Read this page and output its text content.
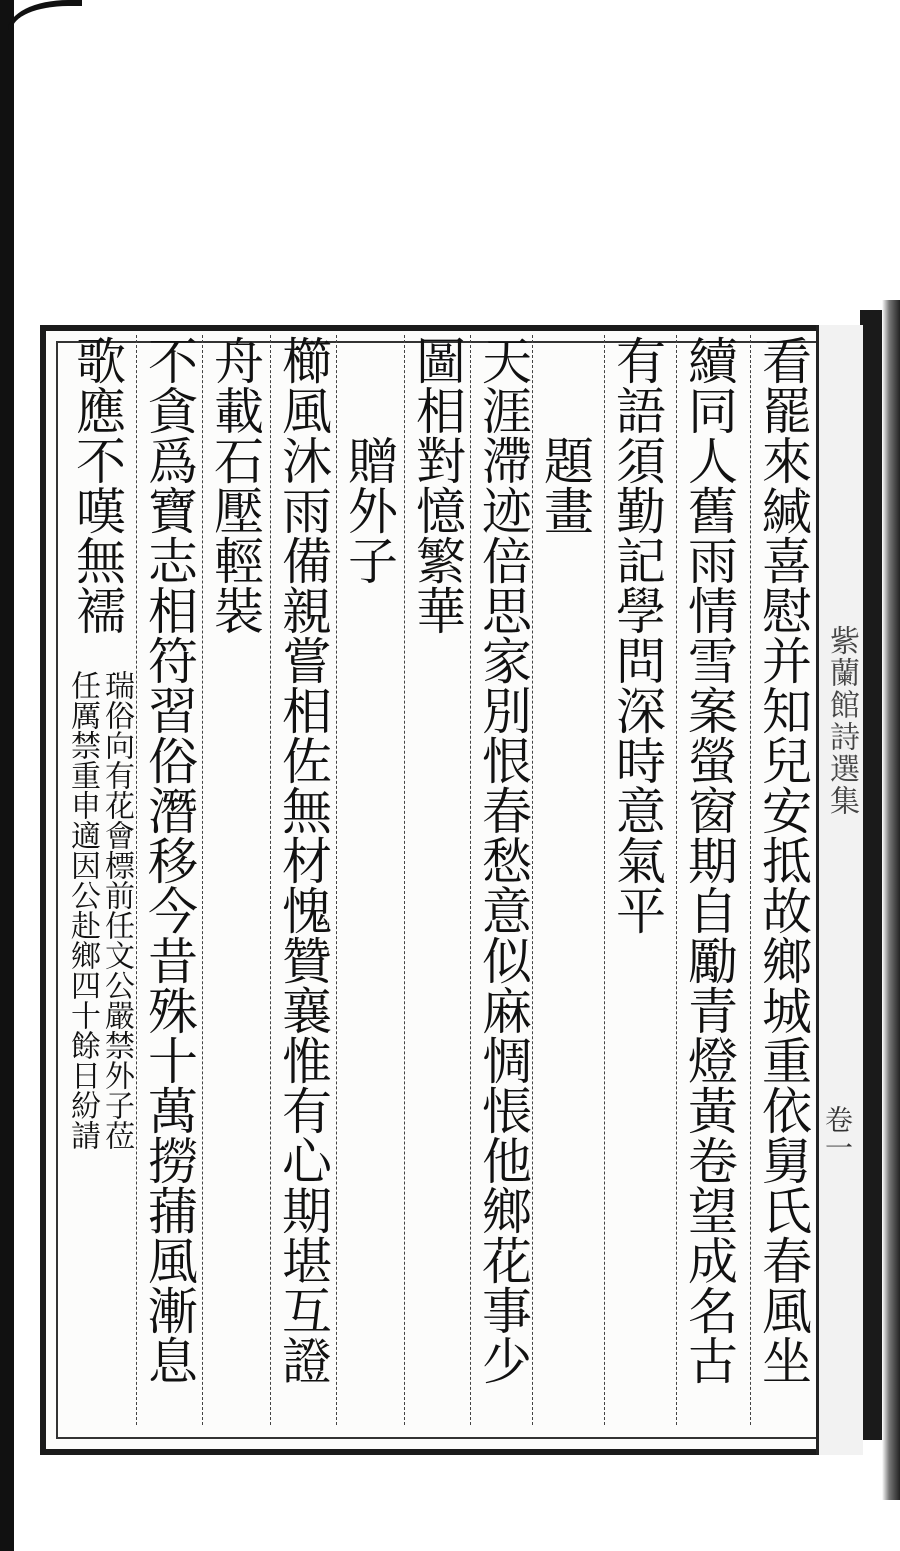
紫蘭館詩選集
卷一
看罷來緘喜慰并知兒安抵故鄉城重依舅氏春風坐
續同人舊雨情雪案螢窗期自勵青燈黃卷望成名古
有語須勤記學問深時意氣平
題畫
天涯滯迹倍思家別恨春愁意似麻惆悵他鄉花事少
圖相對憶繁華
贈外子
櫛風沐雨備親嘗相佐無材愧贊襄惟有心期堪互證
舟載石壓輕裝
不貪爲寶志相符習俗潛移今昔殊十萬撈蒱風漸息
歌應不嘆無襦
瑞俗向有花會標前任文公嚴禁外子莅
任厲禁重申適因公赴鄉四十餘日紛請
